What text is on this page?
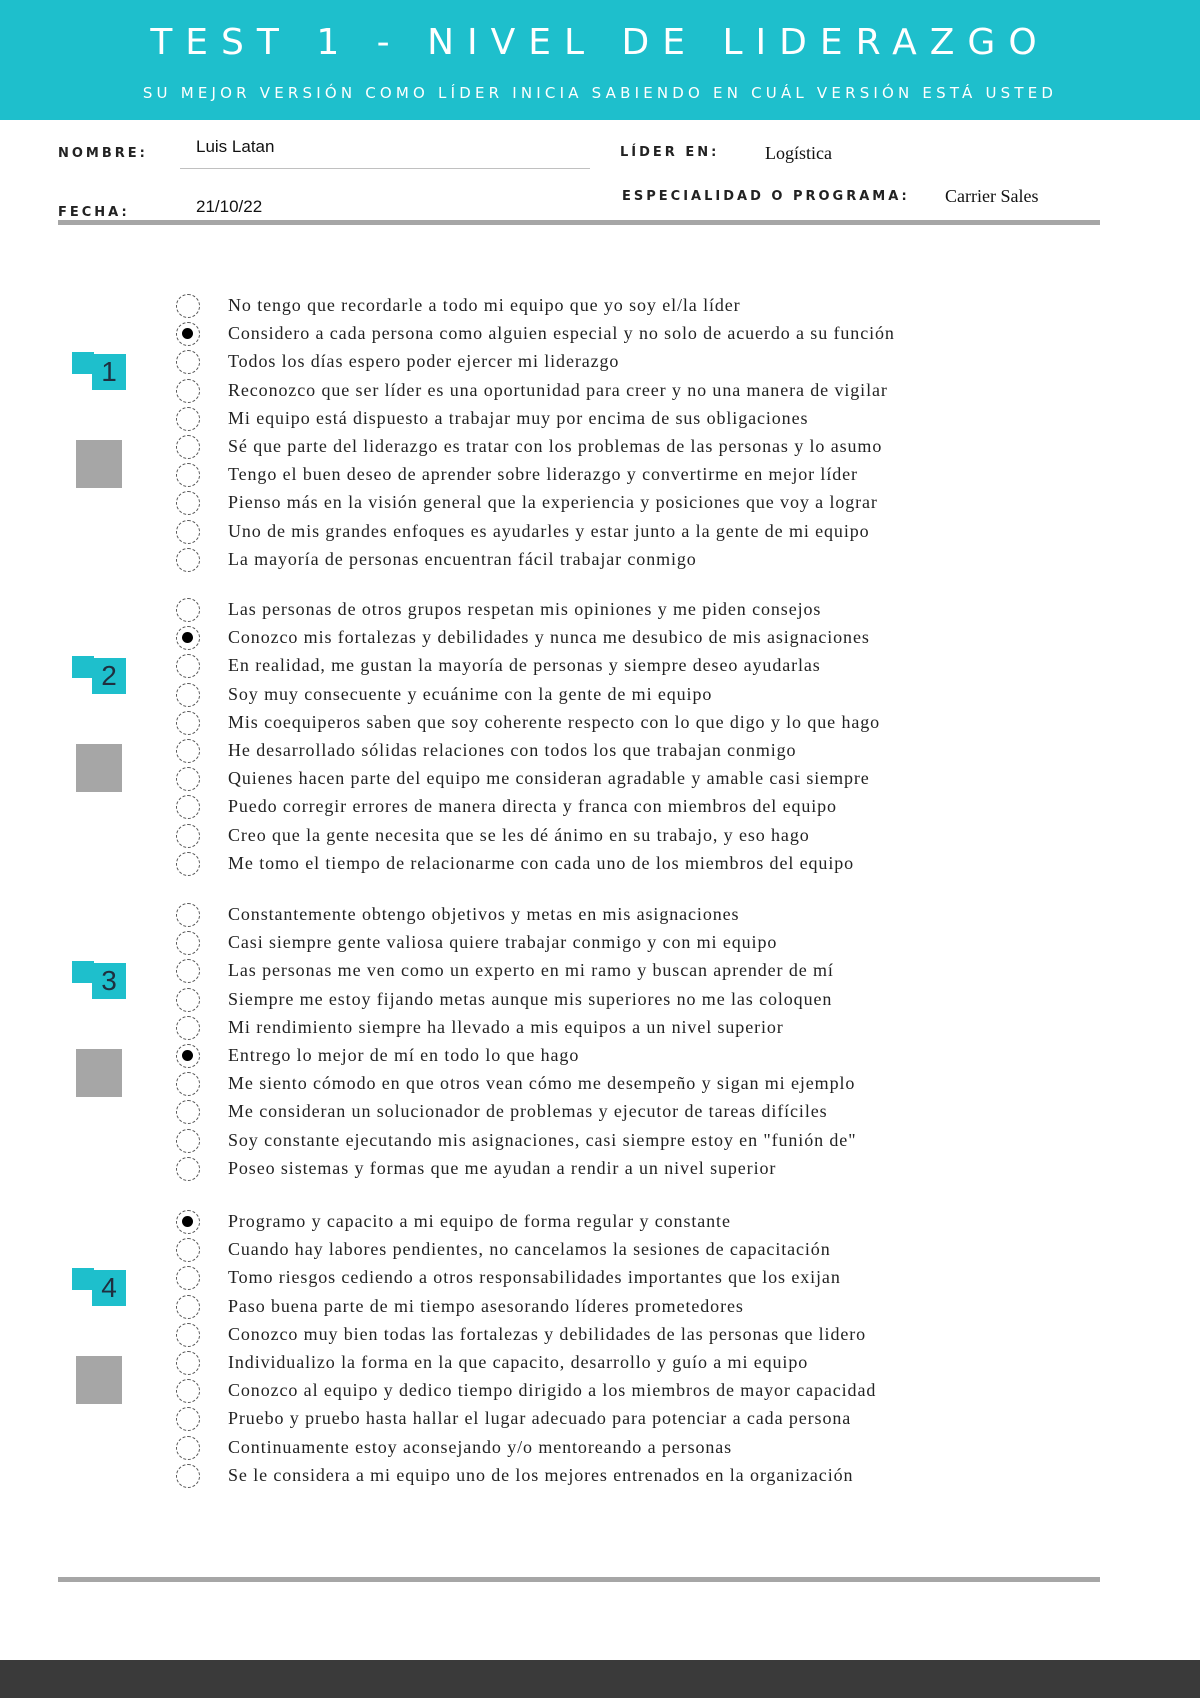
TEST 1 - NIVEL DE LIDERAZGO
SU MEJOR VERSIÓN COMO LÍDER INICIA SABIENDO EN CUÁL VERSIÓN ESTÁ USTED
NOMBRE:	Luis Latan
FECHA:	21/10/22
LÍDER EN:	Logística
ESPECIALIDAD O PROGRAMA: Carrier Sales
1
No tengo que recordarle a todo mi equipo que yo soy el/la líder
Considero a cada persona como alguien especial y no solo de acuerdo a su función
Todos los días espero poder ejercer mi liderazgo
Reconozco que ser líder es una oportunidad para creer y no una manera de vigilar
Mi equipo está dispuesto a trabajar muy por encima de sus obligaciones
Sé que parte del liderazgo es tratar con los problemas de las personas y lo asumo
Tengo el buen deseo de aprender sobre liderazgo y convertirme en mejor líder
Pienso más en la visión general que la experiencia y posiciones que voy a lograr
Uno de mis grandes enfoques es ayudarles y estar junto a la gente de mi equipo
La mayoría de personas encuentran fácil trabajar conmigo
2
Las personas de otros grupos respetan mis opiniones y me piden consejos
Conozco mis fortalezas y debilidades y nunca me desubico de mis asignaciones
En realidad, me gustan la mayoría de personas y siempre deseo ayudarlas
Soy muy consecuente y ecuánime con la gente de mi equipo
Mis coequiperos saben que soy coherente respecto con lo que digo y lo que hago
He desarrollado sólidas relaciones con todos los que trabajan conmigo
Quienes hacen parte del equipo me consideran agradable y amable casi siempre
Puedo corregir errores de manera directa y franca con miembros del equipo
Creo que la gente necesita que se les dé ánimo en su trabajo, y eso hago
Me tomo el tiempo de relacionarme con cada uno de los miembros del equipo
3
Constantemente obtengo objetivos y metas en mis asignaciones
Casi siempre gente valiosa quiere trabajar conmigo y con mi equipo
Las personas me ven como un experto en mi ramo y buscan aprender de mí
Siempre me estoy fijando metas aunque mis superiores no me las coloquen
Mi rendimiento siempre ha llevado a mis equipos a un nivel superior
Entrego lo mejor de mí en todo lo que hago
Me siento cómodo en que otros vean cómo me desempeño y sigan mi ejemplo
Me consideran un solucionador de problemas y ejecutor de tareas difíciles
Soy constante ejecutando mis asignaciones, casi siempre estoy en "funión de"
Poseo sistemas y formas que me ayudan a rendir a un nivel superior
4
Programo y capacito a mi equipo de forma regular y constante
Cuando hay labores pendientes, no cancelamos la sesiones de capacitación
Tomo riesgos cediendo a otros responsabilidades importantes que los exijan
Paso buena parte de mi tiempo asesorando líderes prometedores
Conozco muy bien todas las fortalezas y debilidades de las personas que lidero
Individualizo la forma en la que capacito, desarrollo y guío a mi equipo
Conozco al equipo y dedico tiempo dirigido a los miembros de mayor capacidad
Pruebo y pruebo hasta hallar el lugar adecuado para potenciar a cada persona
Continuamente estoy aconsejando y/o mentoreando a personas
Se le considera a mi equipo uno de los mejores entrenados en la organización
